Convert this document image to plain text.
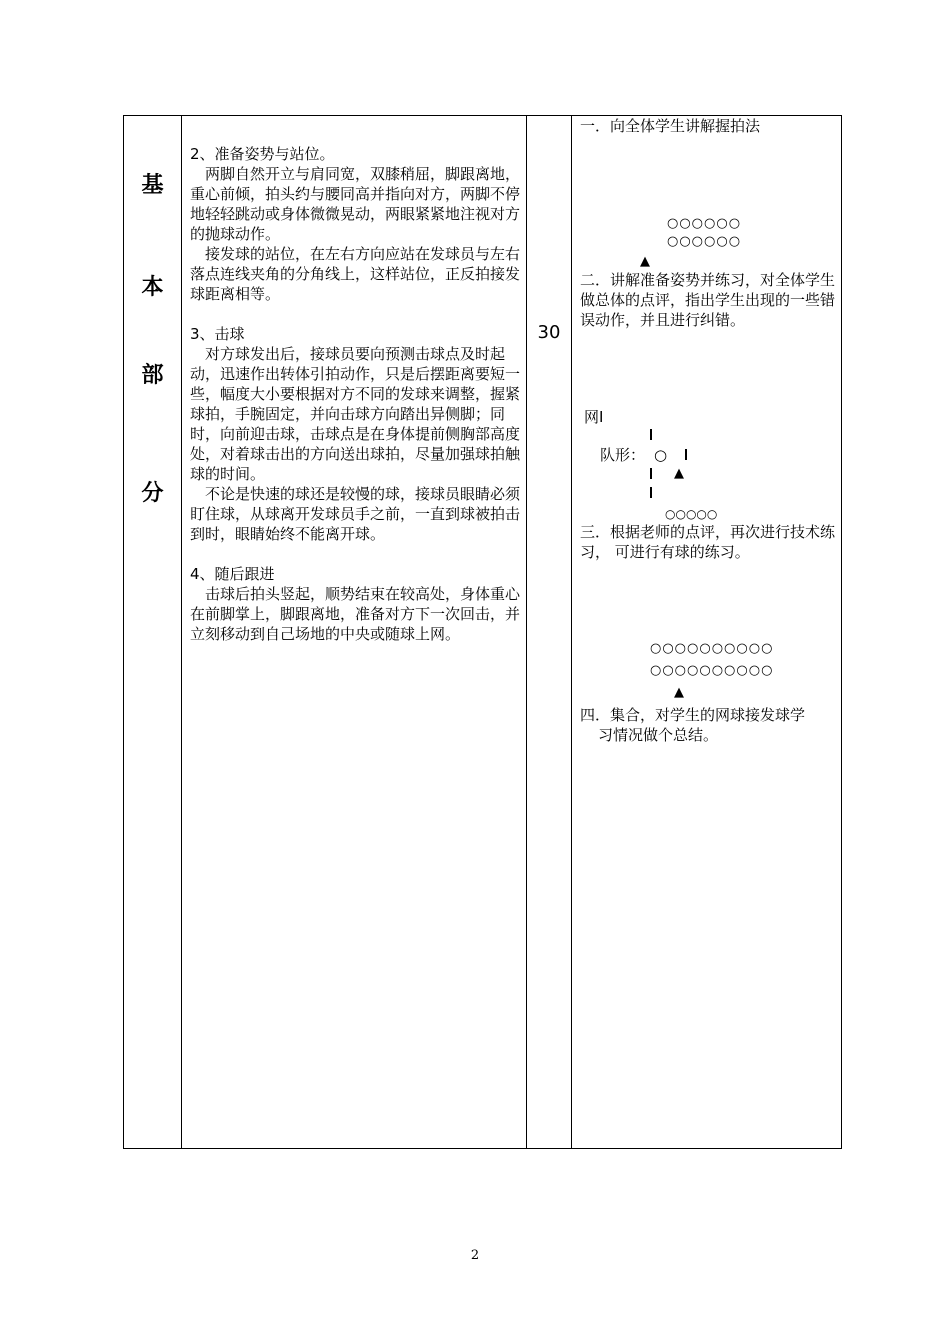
基
本
部
分

2、准备姿势与站位。

两脚自然开立与肩同宽，双膝稍屈，脚跟离地，重心前倾，拍头约与腰同高并指向对方，两脚不停地轻轻跳动或身体微微晃动，两眼紧紧地注视对方的抛球动作。

接发球的站位，在左右方向应站在发球员与左右落点连线夹角的分角线上，这样站位，正反拍接发球距离相等。

3、击球

对方球发出后，接球员要向预测击球点及时起动，迅速作出转体引拍动作，只是后摆距离要短一些，幅度大小要根据对方不同的发球来调整，握紧球拍，手腕固定，并向击球方向踏出异侧脚；同时，向前迎击球，击球点是在身体提前侧胸部高度处，对着球击出的方向送出球拍，尽量加强球拍触球的时间。

不论是快速的球还是较慢的球，接球员眼睛必须盯住球，从球离开发球员手之前，一直到球被拍击到时，眼睛始终不能离开球。

4、随后跟进

击球后拍头竖起，顺势结束在较高处，身体重心在前脚掌上，脚跟离地，准备对方下一次回击，并立刻移动到自己场地的中央或随球上网。

30
一．向全体学生讲解握拍法
○○○○○○
○○○○○○
▲
二．讲解准备姿势并练习，对全体学生做总体的点评，指出学生出现的一些错误动作，并且进行纠错。
网Ⅰ
队形： ○
▲
○○○○○
三．根据老师的点评，再次进行技术练习， 可进行有球的练习。
○○○○○○○○○○
○○○○○○○○○○
▲
四．集合，对学生的网球接发球学
习情况做个总结。
2
